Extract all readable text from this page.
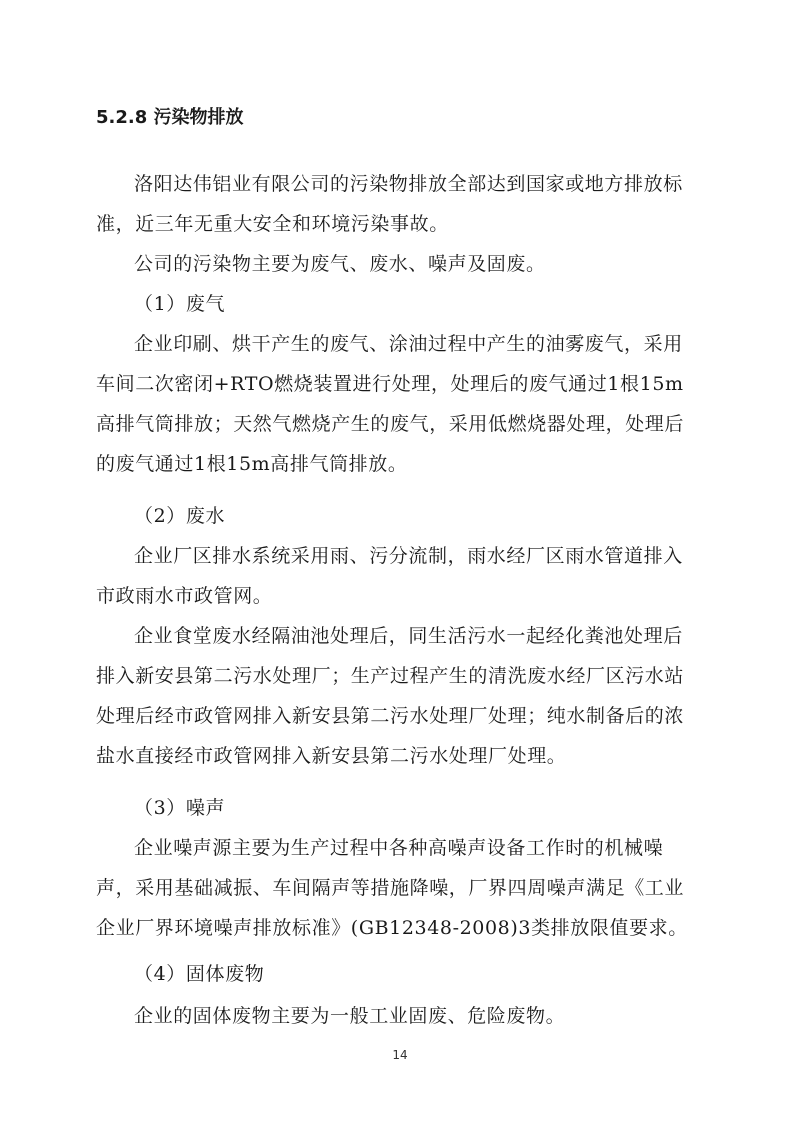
5.2.8 污染物排放
洛阳达伟铝业有限公司的污染物排放全部达到国家或地方排放标准，近三年无重大安全和环境污染事故。
公司的污染物主要为废气、废水、噪声及固废。
（1）废气
企业印刷、烘干产生的废气、涂油过程中产生的油雾废气，采用车间二次密闭+RTO燃烧装置进行处理，处理后的废气通过1根15m高排气筒排放；天然气燃烧产生的废气，采用低燃烧器处理，处理后的废气通过1根15m高排气筒排放。
（2）废水
企业厂区排水系统采用雨、污分流制，雨水经厂区雨水管道排入市政雨水市政管网。
企业食堂废水经隔油池处理后，同生活污水一起经化粪池处理后排入新安县第二污水处理厂；生产过程产生的清洗废水经厂区污水站处理后经市政管网排入新安县第二污水处理厂处理；纯水制备后的浓盐水直接经市政管网排入新安县第二污水处理厂处理。
（3）噪声
企业噪声源主要为生产过程中各种高噪声设备工作时的机械噪声，采用基础减振、车间隔声等措施降噪，厂界四周噪声满足《工业企业厂界环境噪声排放标准》(GB12348-2008)3类排放限值要求。
（4）固体废物
企业的固体废物主要为一般工业固废、危险废物。
14
